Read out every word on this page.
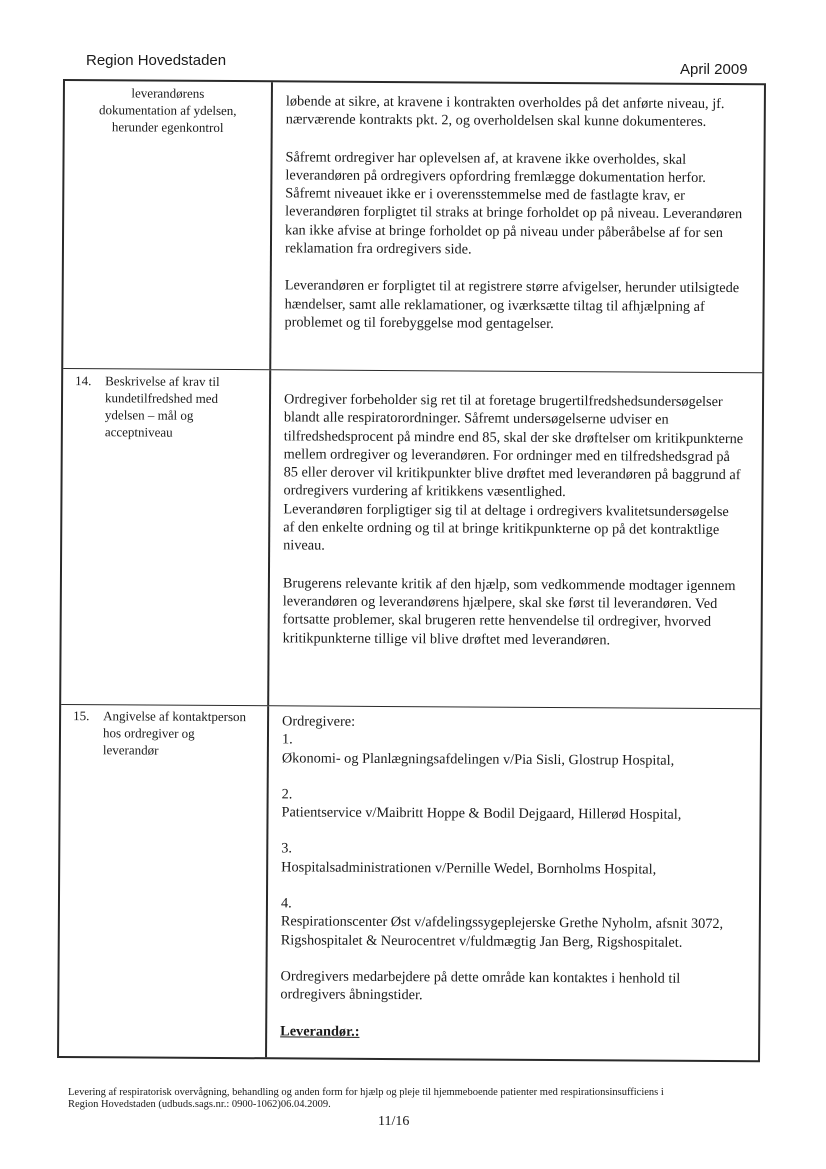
Region Hovedstaden
April 2009
leverandørens
dokumentation af ydelsen,
herunder egenkontrol

løbende at sikre, at kravene i kontrakten overholdes på det anførte niveau, jf. nærværende kontrakts pkt. 2, og overholdelsen skal kunne dokumenteres.

Såfremt ordregiver har oplevelsen af, at kravene ikke overholdes, skal leverandøren på ordregivers opfordring fremlægge dokumentation herfor. Såfremt niveauet ikke er i overensstemmelse med de fastlagte krav, er leverandøren forpligtet til straks at bringe forholdet op på niveau. Leverandøren kan ikke afvise at bringe forholdet op på niveau under påberåbelse af for sen reklamation fra ordregivers side.

Leverandøren er forpligtet til at registrere større afvigelser, herunder utilsigtede hændelser, samt alle reklamationer, og iværksætte tiltag til afhjælpning af problemet og til forebyggelse mod gentagelser.

14. Beskrivelse af krav til kundetilfredshed med ydelsen – mål og acceptniveau

Ordregiver forbeholder sig ret til at foretage brugertilfredshedsundersøgelser blandt alle respiratorordninger. Såfremt undersøgelserne udviser en tilfredshedsprocent på mindre end 85, skal der ske drøftelser om kritikpunkterne mellem ordregiver og leverandøren. For ordninger med en tilfredshedsgrad på 85 eller derover vil kritikpunkter blive drøftet med leverandøren på baggrund af ordregivers vurdering af kritikkens væsentlighed.

Leverandøren forpligtiger sig til at deltage i ordregivers kvalitetsundersøgelse af den enkelte ordning og til at bringe kritikpunkterne op på det kontraktlige niveau.

Brugerens relevante kritik af den hjælp, som vedkommende modtager igennem leverandøren og leverandørens hjælpere, skal ske først til leverandøren. Ved fortsatte problemer, skal brugeren rette henvendelse til ordregiver, hvorved kritikpunkterne tillige vil blive drøftet med leverandøren.

15. Angivelse af kontaktperson hos ordregiver og leverandør
Ordregivere:
1.
Økonomi- og Planlægningsafdelingen v/Pia Sisli, Glostrup Hospital,
2.
Patientservice v/Maibritt Hoppe & Bodil Dejgaard, Hillerød Hospital,
3.
Hospitalsadministrationen v/Pernille Wedel, Bornholms Hospital,
4.
Respirationscenter Øst v/afdelingssygeplejerske Grethe Nyholm, afsnit 3072, Rigshospitalet & Neurocentret v/fuldmægtig Jan Berg, Rigshospitalet.
Ordregivers medarbejdere på dette område kan kontaktes i henhold til ordregivers åbningstider.
Leverandør.:
Levering af respiratorisk overvågning, behandling og anden form for hjælp og pleje til hjemmeboende patienter med respirationsinsufficiens i Region Hovedstaden (udbuds.sags.nr.: 0900-1062)06.04.2009.
11/16
